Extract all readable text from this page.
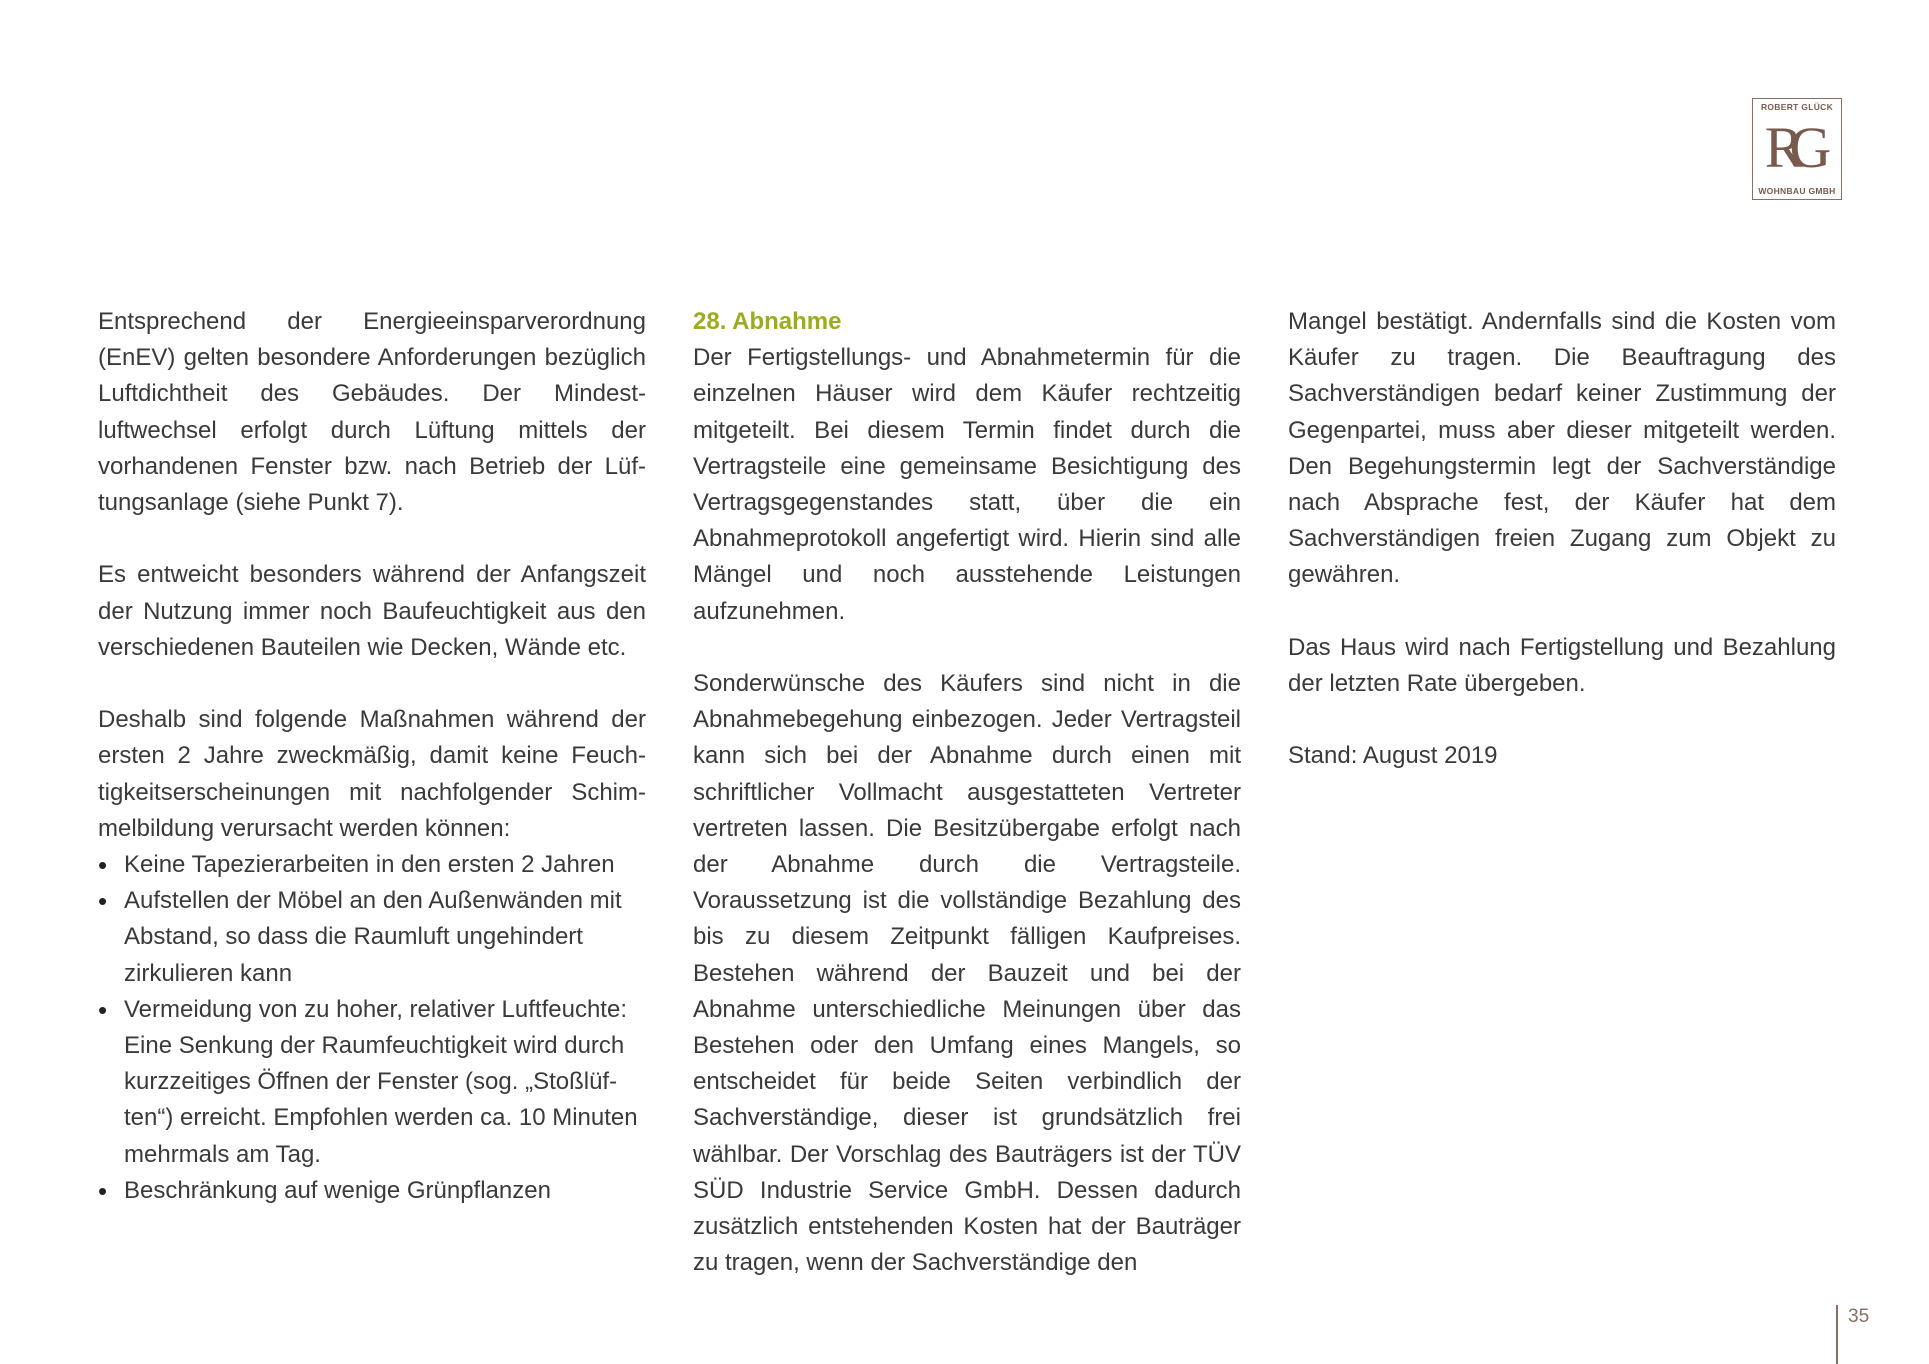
ROBERT GLÜCK
RG
WOHNBAU GMBH

Entsprechend der Energieeinsparverordnung (EnEV) gelten besondere Anforderungen bezüglich Luftdichtheit des Gebäudes. Der Mindestluftwechsel erfolgt durch Lüftung mittels der vorhandenen Fenster bzw. nach Betrieb der Lüftungsanlage (siehe Punkt 7).

Es entweicht besonders während der Anfangszeit der Nutzung immer noch Baufeuchtigkeit aus den verschiedenen Bauteilen wie Decken, Wände etc.

Deshalb sind folgende Maßnahmen während der ersten 2 Jahre zweckmäßig, damit keine Feuchtigkeitserscheinungen mit nachfolgender Schimmelbildung verursacht werden können:

• Keine Tapezierarbeiten in den ersten 2 Jahren
• Aufstellen der Möbel an den Außenwänden mit Abstand, so dass die Raumluft ungehindert zirkulieren kann
• Vermeidung von zu hoher, relativer Luftfeuchte: Eine Senkung der Raumfeuchtigkeit wird durch kurzzeitiges Öffnen der Fenster (sog. „Stoßlüften“) erreicht. Empfohlen werden ca. 10 Minuten mehrmals am Tag.
• Beschränkung auf wenige Grünpflanzen
28. Abnahme

Der Fertigstellungs- und Abnahmetermin für die einzelnen Häuser wird dem Käufer rechtzeitig mitgeteilt. Bei diesem Termin findet durch die Vertragsteile eine gemeinsame Besichtigung des Vertragsgegenstandes statt, über die ein Abnahmeprotokoll angefertigt wird. Hierin sind alle Mängel und noch ausstehende Leistungen aufzunehmen.

Sonderwünsche des Käufers sind nicht in die Abnahmebegehung einbezogen. Jeder Vertragsteil kann sich bei der Abnahme durch einen mit schriftlicher Vollmacht ausgestatteten Vertreter vertreten lassen. Die Besitzübergabe erfolgt nach der Abnahme durch die Vertragsteile. Voraussetzung ist die vollständige Bezahlung des bis zu diesem Zeitpunkt fälligen Kaufpreises. Bestehen während der Bauzeit und bei der Abnahme unterschiedliche Meinungen über das Bestehen oder den Umfang eines Mangels, so entscheidet für beide Seiten verbindlich der Sachverständige, dieser ist grundsätzlich frei wählbar. Der Vorschlag des Bauträgers ist der TÜV SÜD Industrie Service GmbH. Dessen dadurch zusätzlich entstehenden Kosten hat der Bauträger zu tragen, wenn der Sachverständige den

Mangel bestätigt. Andernfalls sind die Kosten vom Käufer zu tragen. Die Beauftragung des Sachverständigen bedarf keiner Zustimmung der Gegenpartei, muss aber dieser mitgeteilt werden. Den Begehungstermin legt der Sachverständige nach Absprache fest, der Käufer hat dem Sachverständigen freien Zugang zum Objekt zu gewähren.

Das Haus wird nach Fertigstellung und Bezahlung der letzten Rate übergeben.

Stand: August 2019

35
